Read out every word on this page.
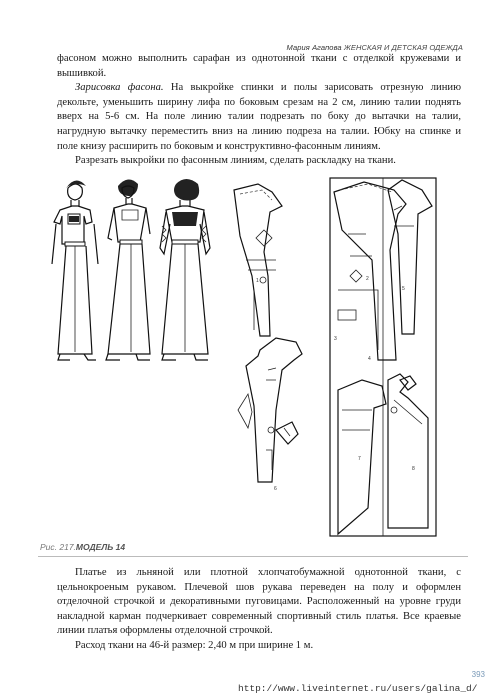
Мария Агапова ЖЕНСКАЯ И ДЕТСКАЯ ОДЕЖДА

фасоном можно выполнить сарафан из однотонной ткани с отделкой кружевами и вышивкой.

Зарисовка фасона. На выкройке спинки и полы зарисовать отрезную линию декольте, уменьшить ширину лифа по боковым срезам на 2 см, линию талии поднять вверх на 5-6 см. На поле линию талии подрезать по боку до вытачки на талии, нагрудную вытачку переместить вниз на линию подреза на талии. Юбку на спинке и поле книзу расширить по боковым и конструктивно-фасонным линиям.

Разрезать выкройки по фасонным линиям, сделать раскладку на ткани.

1	2
3
4
5
6
7
8
Рис. 217.МОДЕЛЬ 14

Платье из льняной или плотной хлопчатобумажной однотонной ткани, с цельнокроеным рукавом. Плечевой шов рукава переведен на полу и оформлен отделочной строчкой и декоративными пуговицами. Расположенный на уровне груди накладной карман подчеркивает современный спортивный стиль платья. Все краевые линии платья оформлены отделочной строчкой.

Расход ткани на 46-й размер: 2,40 м при ширине 1 м.

393
http://www.liveinternet.ru/users/galina_d/
